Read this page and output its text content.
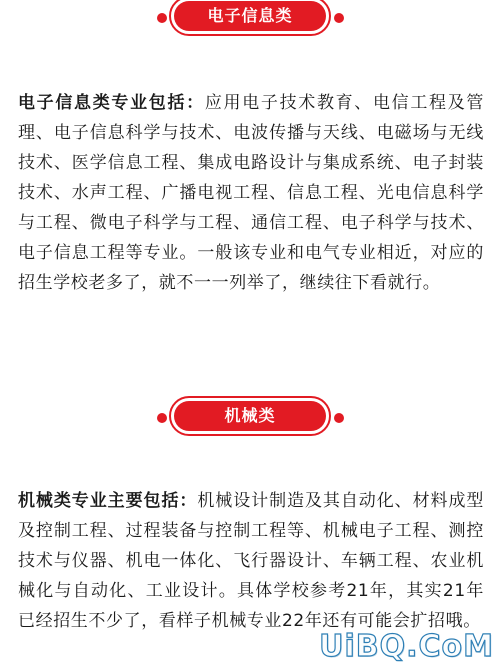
电子信息类

电子信息类专业包括：应用电子技术教育、电信工程及管理、电子信息科学与技术、电波传播与天线、电磁场与无线技术、医学信息工程、集成电路设计与集成系统、电子封装技术、水声工程、广播电视工程、信息工程、光电信息科学与工程、微电子科学与工程、通信工程、电子科学与技术、电子信息工程等专业。一般该专业和电气专业相近，对应的招生学校老多了，就不一一列举了，继续往下看就行。

机械类

机械类专业主要包括：机械设计制造及其自动化、材料成型及控制工程、过程装备与控制工程等、机械电子工程、测控技术与仪器、机电一体化、飞行器设计、车辆工程、农业机械化与自动化、工业设计。具体学校参考21年，其实21年已经招生不少了，看样子机械专业22年还有可能会扩招哦。

UiBQ.CoM
